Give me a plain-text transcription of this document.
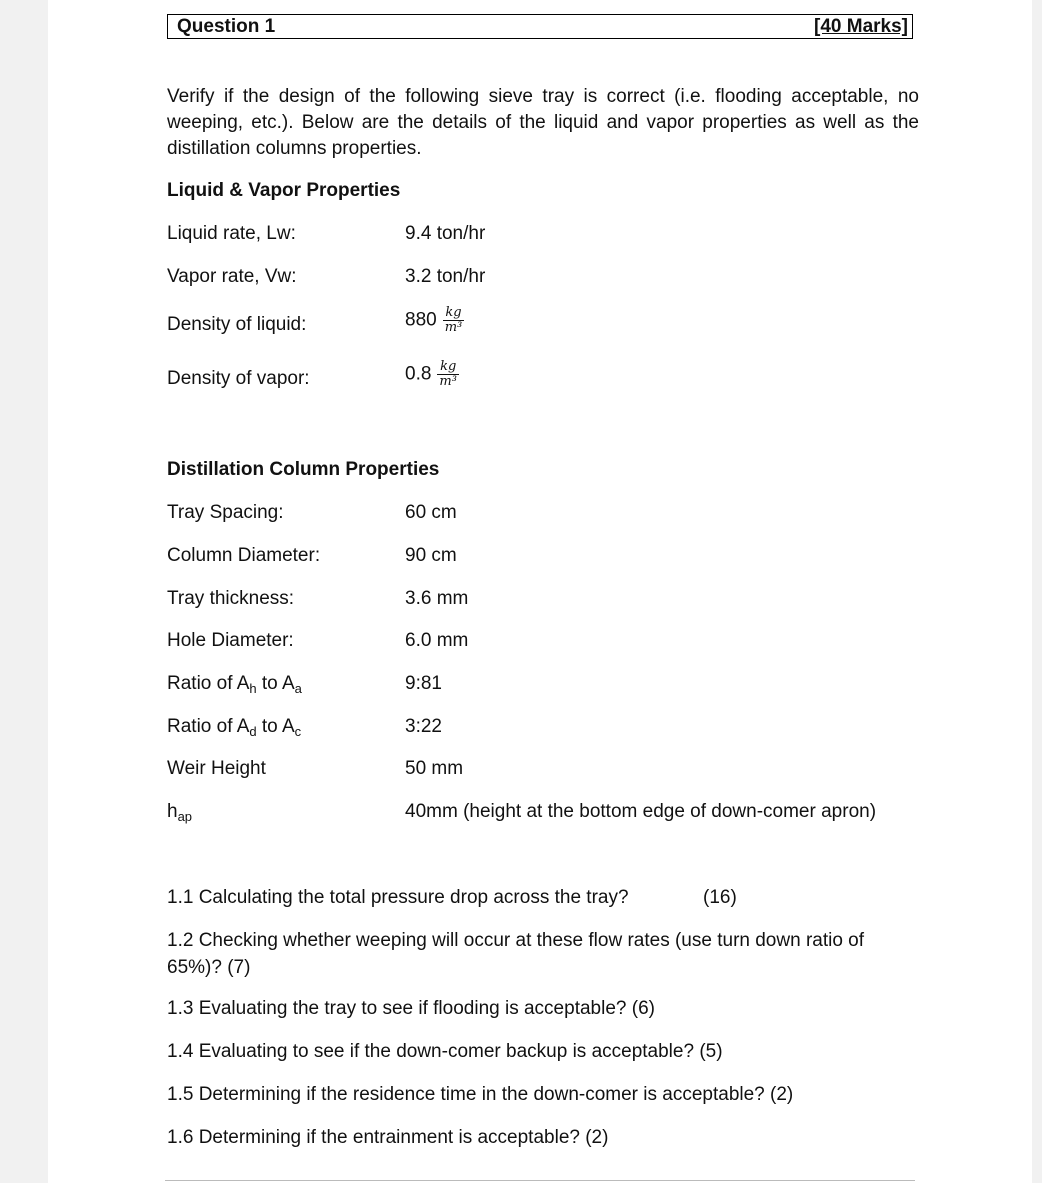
Question 1	[40 Marks]
Verify if the design of the following sieve tray is correct (i.e. flooding acceptable, no weeping, etc.). Below are the details of the liquid and vapor properties as well as the distillation columns properties.
Liquid & Vapor Properties
Liquid rate, Lw:	9.4 ton/hr
Vapor rate, Vw:	3.2 ton/hr
Density of liquid:	$880 \frac{kg}{\text{m³}}$
Density of vapor:	$0.8 \frac{kg}{\text{m³}}$
Distillation Column Properties
Tray Spacing:	60 cm
Column Diameter:	90 cm
Tray thickness:	3.6 mm
Hole Diameter:	6.0 mm
Ratio of $A_h$ to $A_a$	9:81
Ratio of $A_d$ to $A_c$	3:22
Weir Height	50 mm
$h_{ap}$	40mm (height at the bottom edge of down-comer apron)
1.1 Calculating the total pressure drop across the tray?	(16)
1.2 Checking whether weeping will occur at these flow rates (use turn down ratio of 65%)? (7)
1.3 Evaluating the tray to see if flooding is acceptable? (6)
1.4 Evaluating to see if the down-comer backup is acceptable? (5)
1.5 Determining if the residence time in the down-comer is acceptable? (2)
1.6 Determining if the entrainment is acceptable? (2)
